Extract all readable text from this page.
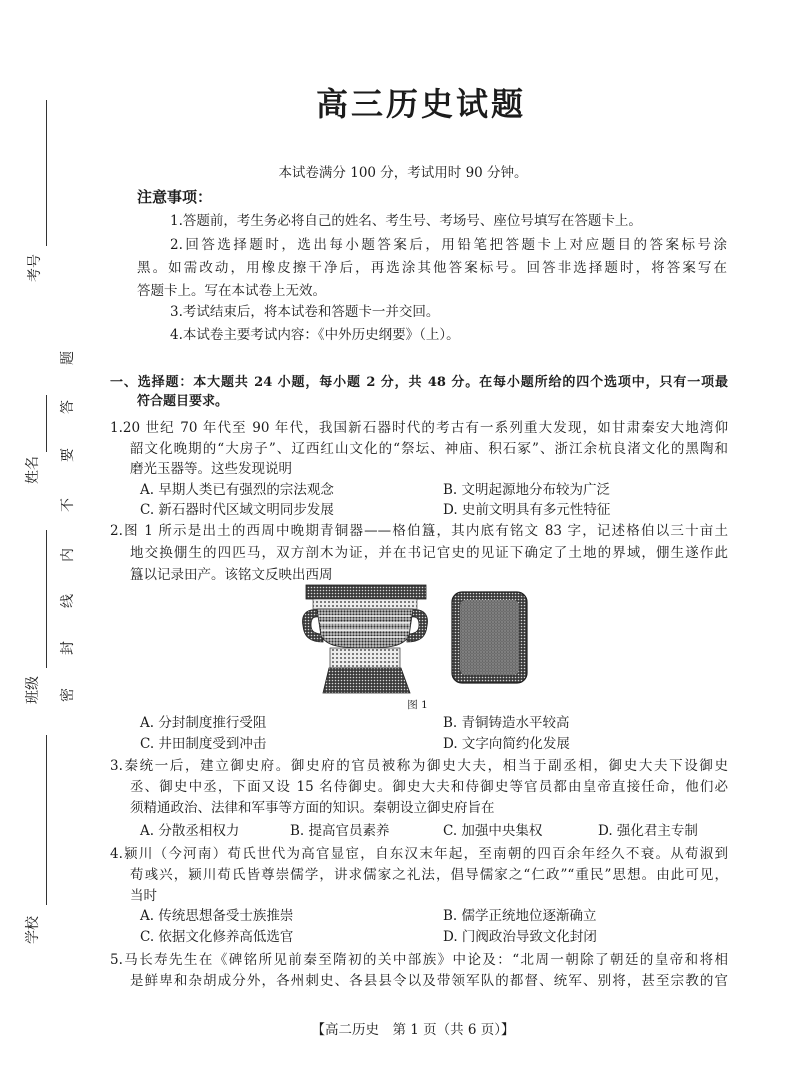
考号
姓名
班级
学校
密
封
线
内
不
要
答
题
高三历史试题
本试卷满分 100 分，考试用时 90 分钟。
注意事项：
1.答题前，考生务必将自己的姓名、考生号、考场号、座位号填写在答题卡上。
2.回答选择题时，选出每小题答案后，用铅笔把答题卡上对应题目的答案标号涂
黑。如需改动，用橡皮擦干净后，再选涂其他答案标号。回答非选择题时，将答案写在
答题卡上。写在本试卷上无效。
3.考试结束后，将本试卷和答题卡一并交回。
4.本试卷主要考试内容：《中外历史纲要》（上）。
一、选择题：本大题共 24 小题，每小题 2 分，共 48 分。在每小题所给的四个选项中，只有一项最
符合题目要求。
1.20 世纪 70 年代至 90 年代，我国新石器时代的考古有一系列重大发现，如甘肃秦安大地湾仰
韶文化晚期的“大房子”、辽西红山文化的“祭坛、神庙、积石冢”、浙江余杭良渚文化的黑陶和
磨光玉器等。这些发现说明
A. 早期人类已有强烈的宗法观念	B. 文明起源地分布较为广泛
C. 新石器时代区域文明同步发展	D. 史前文明具有多元性特征
2.图 1 所示是出土的西周中晚期青铜器——格伯簋，其内底有铭文 83 字，记述格伯以三十亩土
地交换倗生的四匹马，双方剖木为证，并在书记官史的见证下确定了土地的界域，倗生遂作此
簋以记录田产。该铭文反映出西周
图 1
A. 分封制度推行受阻	B. 青铜铸造水平较高
C. 井田制度受到冲击	D. 文字向简约化发展
3.秦统一后，建立御史府。御史府的官员被称为御史大夫，相当于副丞相，御史大夫下设御史
丞、御史中丞，下面又设 15 名侍御史。御史大夫和侍御史等官员都由皇帝直接任命，他们必
须精通政治、法律和军事等方面的知识。秦朝设立御史府旨在
A. 分散丞相权力	B. 提高官员素养	C. 加强中央集权	D. 强化君主专制
4.颍川（今河南）荀氏世代为高官显宦，自东汉末年起，至南朝的四百余年经久不衰。从荀淑到
荀彧兴，颍川荀氏皆尊崇儒学，讲求儒家之礼法，倡导儒家之“仁政”“重民”思想。由此可见，
当时
A. 传统思想备受士族推崇	B. 儒学正统地位逐渐确立
C. 依据文化修养高低选官	D. 门阀政治导致文化封闭
5.马长寿先生在《碑铭所见前秦至隋初的关中部族》中论及：“北周一朝除了朝廷的皇帝和将相
是鲜卑和杂胡成分外，各州刺史、各县县令以及带领军队的都督、统军、别将，甚至宗教的官
【高二历史　第 1 页（共 6 页）】
